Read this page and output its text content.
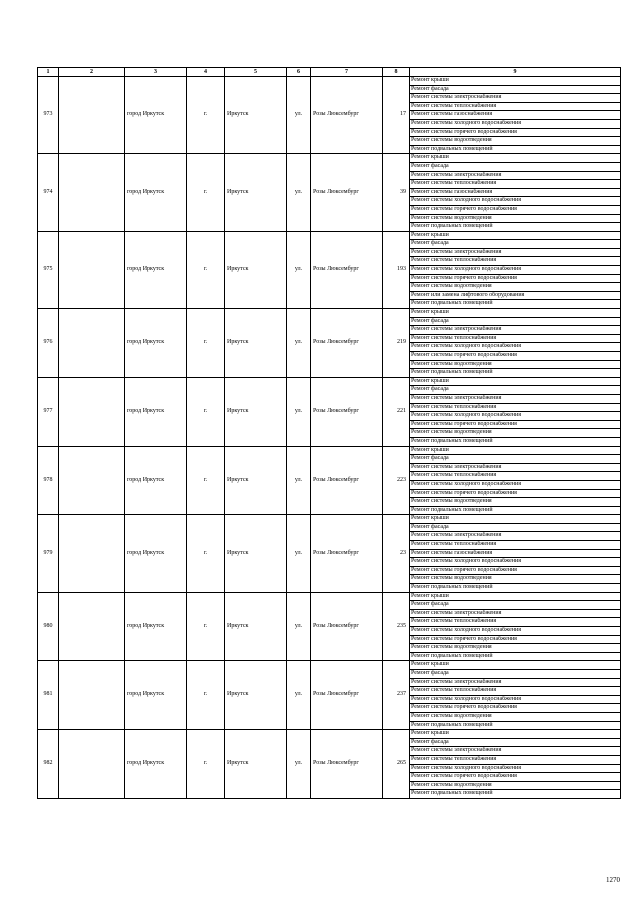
1	2	3	4	5	6	7	8	9
973		город Иркутск	г.	Иркутск	ул.	Розы Люксембург	17	Ремонт крыши
								Ремонт фасада
								Ремонт системы электроснабжения
								Ремонт системы теплоснабжения
								Ремонт системы газоснабжения
								Ремонт системы холодного водоснабжения
								Ремонт системы горячего водоснабжения
								Ремонт системы водоотведения
								Ремонт подвальных помещений
974		город Иркутск	г.	Иркутск	ул.	Розы Люксембург	39	Ремонт крыши
								Ремонт фасада
								Ремонт системы электроснабжения
								Ремонт системы теплоснабжения
								Ремонт системы газоснабжения
								Ремонт системы холодного водоснабжения
								Ремонт системы горячего водоснабжения
								Ремонт системы водоотведения
								Ремонт подвальных помещений
975		город Иркутск	г.	Иркутск	ул.	Розы Люксембург	193	Ремонт крыши
								Ремонт фасада
								Ремонт системы электроснабжения
								Ремонт системы теплоснабжения
								Ремонт системы холодного водоснабжения
								Ремонт системы горячего водоснабжения
								Ремонт системы водоотведения
								Ремонт или замена лифтового оборудования
								Ремонт подвальных помещений
976		город Иркутск	г.	Иркутск	ул.	Розы Люксембург	219	Ремонт крыши
								Ремонт фасада
								Ремонт системы электроснабжения
								Ремонт системы теплоснабжения
								Ремонт системы холодного водоснабжения
								Ремонт системы горячего водоснабжения
								Ремонт системы водоотведения
								Ремонт подвальных помещений
977		город Иркутск	г.	Иркутск	ул.	Розы Люксембург	221	Ремонт крыши
								Ремонт фасада
								Ремонт системы электроснабжения
								Ремонт системы теплоснабжения
								Ремонт системы холодного водоснабжения
								Ремонт системы горячего водоснабжения
								Ремонт системы водоотведения
								Ремонт подвальных помещений
978		город Иркутск	г.	Иркутск	ул.	Розы Люксембург	223	Ремонт крыши
								Ремонт фасада
								Ремонт системы электроснабжения
								Ремонт системы теплоснабжения
								Ремонт системы холодного водоснабжения
								Ремонт системы горячего водоснабжения
								Ремонт системы водоотведения
								Ремонт подвальных помещений
979		город Иркутск	г.	Иркутск	ул.	Розы Люксембург	23	Ремонт крыши
								Ремонт фасада
								Ремонт системы электроснабжения
								Ремонт системы теплоснабжения
								Ремонт системы газоснабжения
								Ремонт системы холодного водоснабжения
								Ремонт системы горячего водоснабжения
								Ремонт системы водоотведения
								Ремонт подвальных помещений
980		город Иркутск	г.	Иркутск	ул.	Розы Люксембург	235	Ремонт крыши
								Ремонт фасада
								Ремонт системы электроснабжения
								Ремонт системы теплоснабжения
								Ремонт системы холодного водоснабжения
								Ремонт системы горячего водоснабжения
								Ремонт системы водоотведения
								Ремонт подвальных помещений
981		город Иркутск	г.	Иркутск	ул.	Розы Люксембург	237	Ремонт крыши
								Ремонт фасада
								Ремонт системы электроснабжения
								Ремонт системы теплоснабжения
								Ремонт системы холодного водоснабжения
								Ремонт системы горячего водоснабжения
								Ремонт системы водоотведения
								Ремонт подвальных помещений
982		город Иркутск	г.	Иркутск	ул.	Розы Люксембург	265	Ремонт крыши
								Ремонт фасада
								Ремонт системы электроснабжения
								Ремонт системы теплоснабжения
								Ремонт системы холодного водоснабжения
								Ремонт системы горячего водоснабжения
								Ремонт системы водоотведения
								Ремонт подвальных помещений
1270
